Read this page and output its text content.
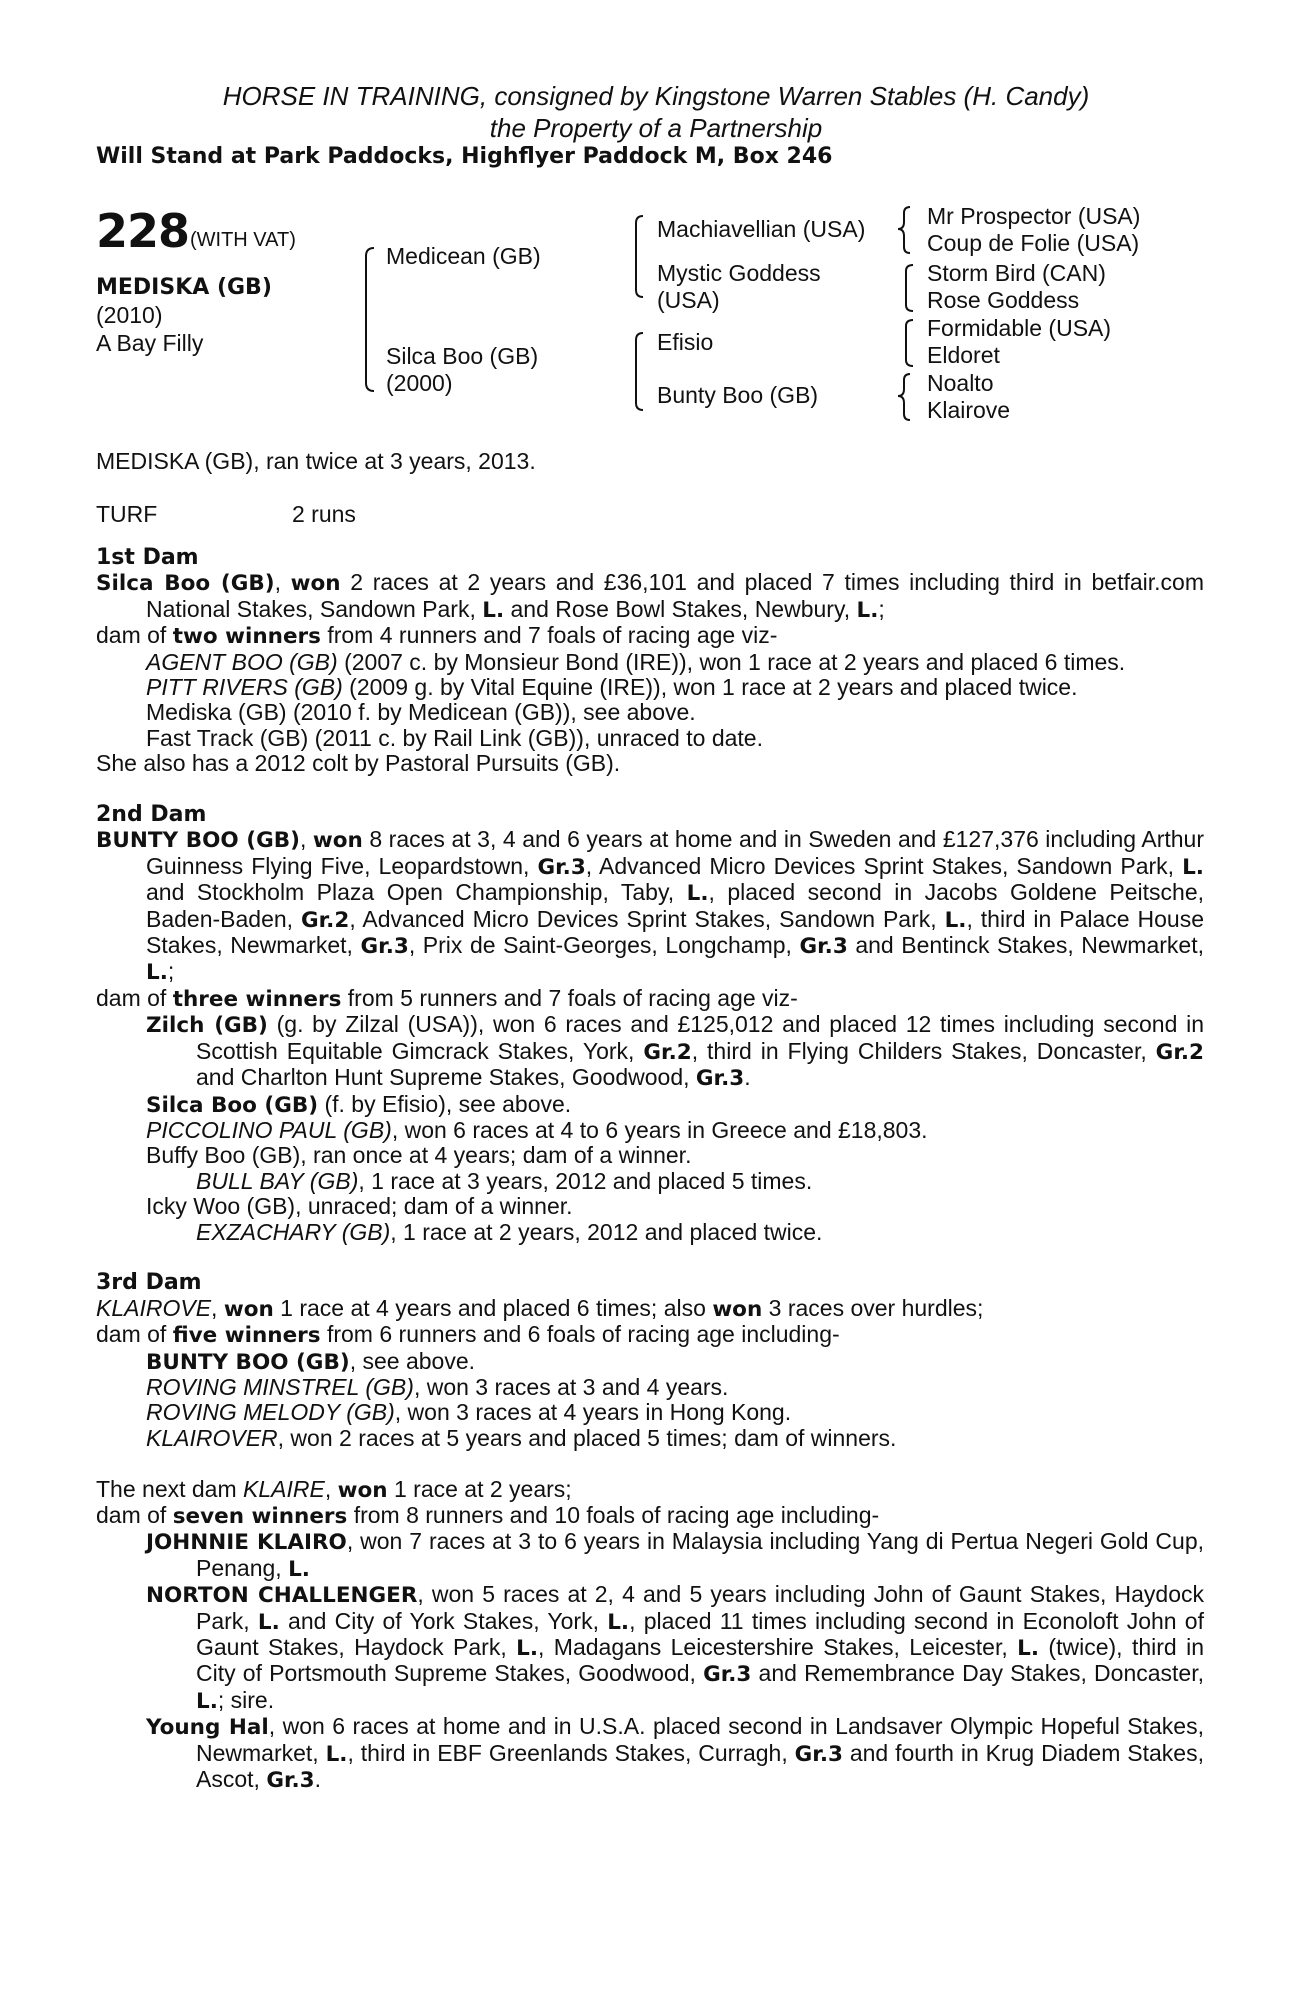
HORSE IN TRAINING, consigned by Kingstone Warren Stables (H. Candy)
the Property of a Partnership
Will Stand at Park Paddocks, Highflyer Paddock M, Box 246
228 (WITH VAT)
MEDISKA (GB)
(2010)
A Bay Filly
Medicean (GB)
Silca Boo (GB)
(2000)
Machiavellian (USA)
Mystic Goddess
(USA)
Efisio
Bunty Boo (GB)
Mr Prospector (USA)
Coup de Folie (USA)
Storm Bird (CAN)
Rose Goddess
Formidable (USA)
Eldoret
Noalto
Klairove
MEDISKA (GB), ran twice at 3 years, 2013.
TURF	2 runs
1st Dam

Silca Boo (GB), won 2 races at 2 years and £36,101 and placed 7 times including third in betfair.com National Stakes, Sandown Park, L. and Rose Bowl Stakes, Newbury, L.;

dam of two winners from 4 runners and 7 foals of racing age viz-

AGENT BOO (GB) (2007 c. by Monsieur Bond (IRE)), won 1 race at 2 years and placed 6 times.

PITT RIVERS (GB) (2009 g. by Vital Equine (IRE)), won 1 race at 2 years and placed twice.

Mediska (GB) (2010 f. by Medicean (GB)), see above.

Fast Track (GB) (2011 c. by Rail Link (GB)), unraced to date.

She also has a 2012 colt by Pastoral Pursuits (GB).

2nd Dam

BUNTY BOO (GB), won 8 races at 3, 4 and 6 years at home and in Sweden and £127,376 including Arthur Guinness Flying Five, Leopardstown, Gr.3, Advanced Micro Devices Sprint Stakes, Sandown Park, L. and Stockholm Plaza Open Championship, Taby, L., placed second in Jacobs Goldene Peitsche, Baden-Baden, Gr.2, Advanced Micro Devices Sprint Stakes, Sandown Park, L., third in Palace House Stakes, Newmarket, Gr.3, Prix de Saint-Georges, Longchamp, Gr.3 and Bentinck Stakes, Newmarket, L.;

dam of three winners from 5 runners and 7 foals of racing age viz-

Zilch (GB) (g. by Zilzal (USA)), won 6 races and £125,012 and placed 12 times including second in Scottish Equitable Gimcrack Stakes, York, Gr.2, third in Flying Childers Stakes, Doncaster, Gr.2 and Charlton Hunt Supreme Stakes, Goodwood, Gr.3.

Silca Boo (GB) (f. by Efisio), see above.

PICCOLINO PAUL (GB), won 6 races at 4 to 6 years in Greece and £18,803.

Buffy Boo (GB), ran once at 4 years; dam of a winner.

BULL BAY (GB), 1 race at 3 years, 2012 and placed 5 times.

Icky Woo (GB), unraced; dam of a winner.

EXZACHARY (GB), 1 race at 2 years, 2012 and placed twice.

3rd Dam

KLAIROVE, won 1 race at 4 years and placed 6 times; also won 3 races over hurdles;

dam of five winners from 6 runners and 6 foals of racing age including-

BUNTY BOO (GB), see above.

ROVING MINSTREL (GB), won 3 races at 3 and 4 years.

ROVING MELODY (GB), won 3 races at 4 years in Hong Kong.

KLAIROVER, won 2 races at 5 years and placed 5 times; dam of winners.

The next dam KLAIRE, won 1 race at 2 years;

dam of seven winners from 8 runners and 10 foals of racing age including-

JOHNNIE KLAIRO, won 7 races at 3 to 6 years in Malaysia including Yang di Pertua Negeri Gold Cup, Penang, L.

NORTON CHALLENGER, won 5 races at 2, 4 and 5 years including John of Gaunt Stakes, Haydock Park, L. and City of York Stakes, York, L., placed 11 times including second in Econoloft John of Gaunt Stakes, Haydock Park, L., Madagans Leicestershire Stakes, Leicester, L. (twice), third in City of Portsmouth Supreme Stakes, Goodwood, Gr.3 and Remembrance Day Stakes, Doncaster, L.; sire.

Young Hal, won 6 races at home and in U.S.A. placed second in Landsaver Olympic Hopeful Stakes, Newmarket, L., third in EBF Greenlands Stakes, Curragh, Gr.3 and fourth in Krug Diadem Stakes, Ascot, Gr.3.
